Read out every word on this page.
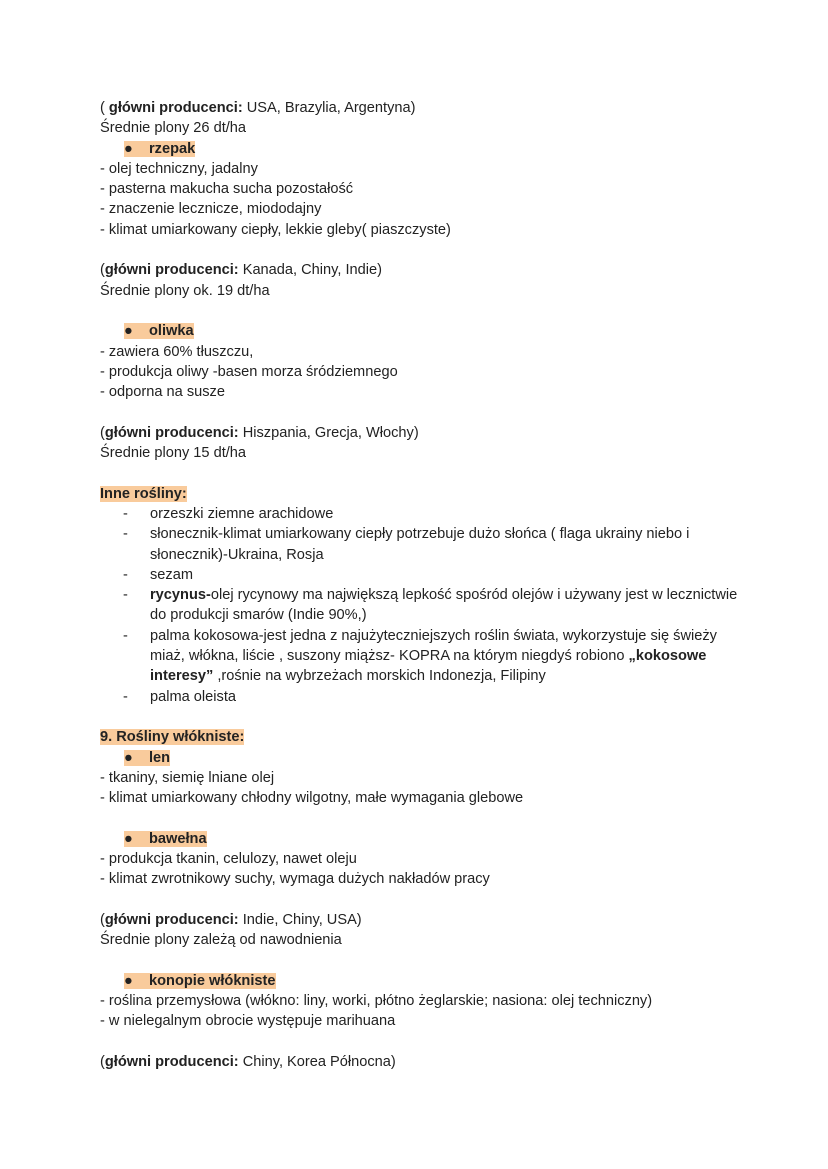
( główni producenci: USA, Brazylia, Argentyna)
Średnie plony 26 dt/ha
● rzepak
- olej techniczny, jadalny
- pasterna makucha sucha pozostałość
- znaczenie lecznicze, miododajny
- klimat umiarkowany ciepły, lekkie gleby( piaszczyste)
(główni producenci: Kanada, Chiny, Indie)
Średnie plony ok. 19 dt/ha
● oliwka
- zawiera 60% tłuszczu,
- produkcja oliwy -basen morza śródziemnego
- odporna na susze
(główni producenci: Hiszpania, Grecja, Włochy)
Średnie plony 15 dt/ha
Inne rośliny:
- orzeszki ziemne arachidowe
- słonecznik-klimat umiarkowany ciepły potrzebuje dużo słońca ( flaga ukrainy niebo i słonecznik)-Ukraina, Rosja
- sezam
- rycynus-olej rycynowy ma największą lepkość spośród olejów i używany jest w lecznictwie do produkcji smarów (Indie 90%,)
- palma kokosowa-jest jedna z najużyteczniejszych roślin świata, wykorzystuje się świeży miaż, włókna, liście , suszony miąższ- KOPRA na którym niegdyś robiono „kokosowe interesy” ,rośnie na wybrzeżach morskich Indonezja, Filipiny
- palma oleista
9. Rośliny włókniste:
● len
- tkaniny, siemię lniane olej
- klimat umiarkowany chłodny wilgotny, małe wymagania glebowe
● bawełna
- produkcja tkanin, celulozy, nawet oleju
- klimat zwrotnikowy suchy, wymaga dużych nakładów pracy
(główni producenci: Indie, Chiny, USA)
Średnie plony zależą od nawodnienia
● konopie włókniste
- roślina przemysłowa (włókno: liny, worki, płótno żeglarskie; nasiona: olej techniczny)
- w nielegalnym obrocie występuje marihuana
(główni producenci: Chiny, Korea Północna)
